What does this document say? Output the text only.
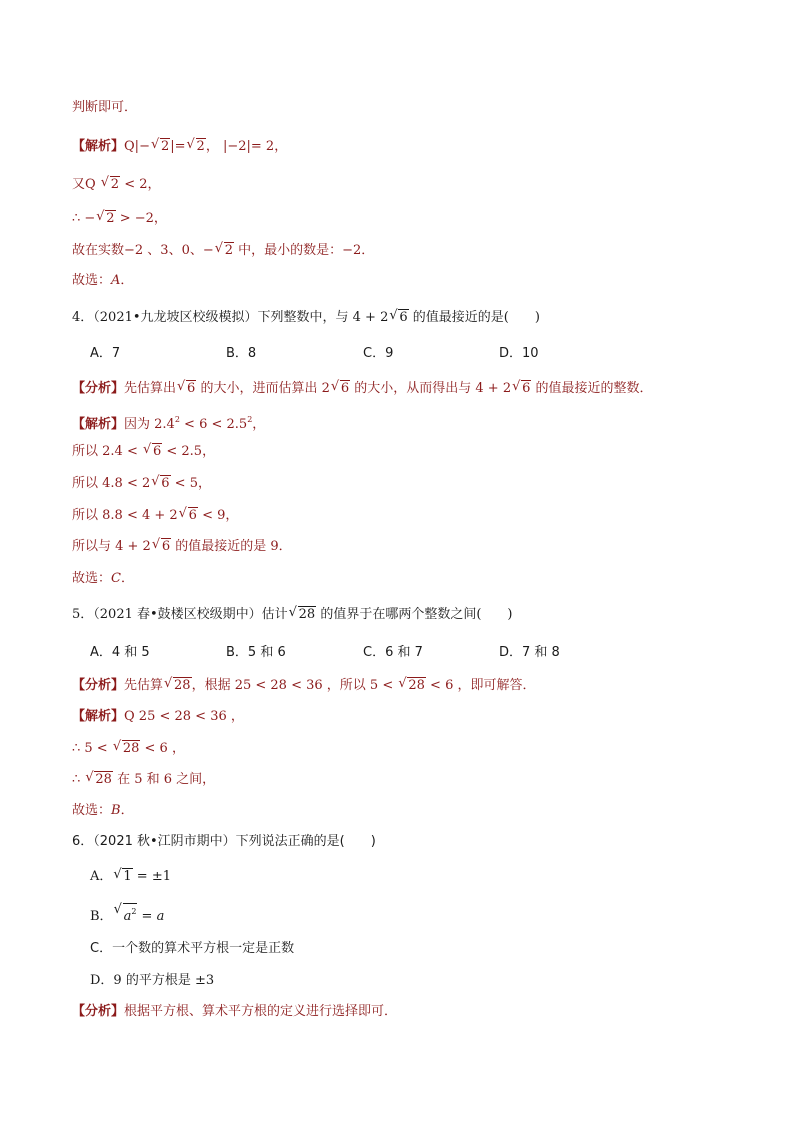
判断即可．
【解析】Q|− √ 2|= √ 2， |−2|= 2，
又Q √ 2 < 2，
∴ − √ 2 > −2，
故在实数−2 、3、0、− √ 2 中，最小的数是：−2．
故选：A．
4．（2021•九龙坡区校级模拟）下列整数中，与 4 + 2 √ 6 的值最接近的是(　　)
A．7	B．8	C．9	D．10
【分析】先估算出 √ 6 的大小，进而估算出 2 √ 6 的大小，从而得出与 4 + 2 √ 6 的值最接近的整数．
【解析】因为 $2.4^2 < 6 < 2.5^2$，
所以 2.4 < √ 6 < 2.5，
所以 4.8 < 2 √ 6 < 5，
所以 8.8 < 4 + 2 √ 6 < 9，
所以与 4 + 2 √ 6 的值最接近的是 9．
故选：C．
5．（2021 春•鼓楼区校级期中）估计 √ 28 的值界于在哪两个整数之间(　　)
A．4 和 5	B．5 和 6	C．6 和 7	D．7 和 8
【分析】先估算 √ 28，根据 25 < 28 < 36 ，所以 5 < √ 28 < 6 ，即可解答．
【解析】Q 25 < 28 < 36 ，
∴ 5 < √ 28 < 6 ，
∴ √ 28 在 5 和 6 之间，
故选：B．
6．（2021 秋•江阴市期中）下列说法正确的是(　　)
A． √ 1 = ±1
B． √ $a^2 = a$
C．一个数的算术平方根一定是正数
D．9 的平方根是 ±3
【分析】根据平方根、算术平方根的定义进行选择即可．
